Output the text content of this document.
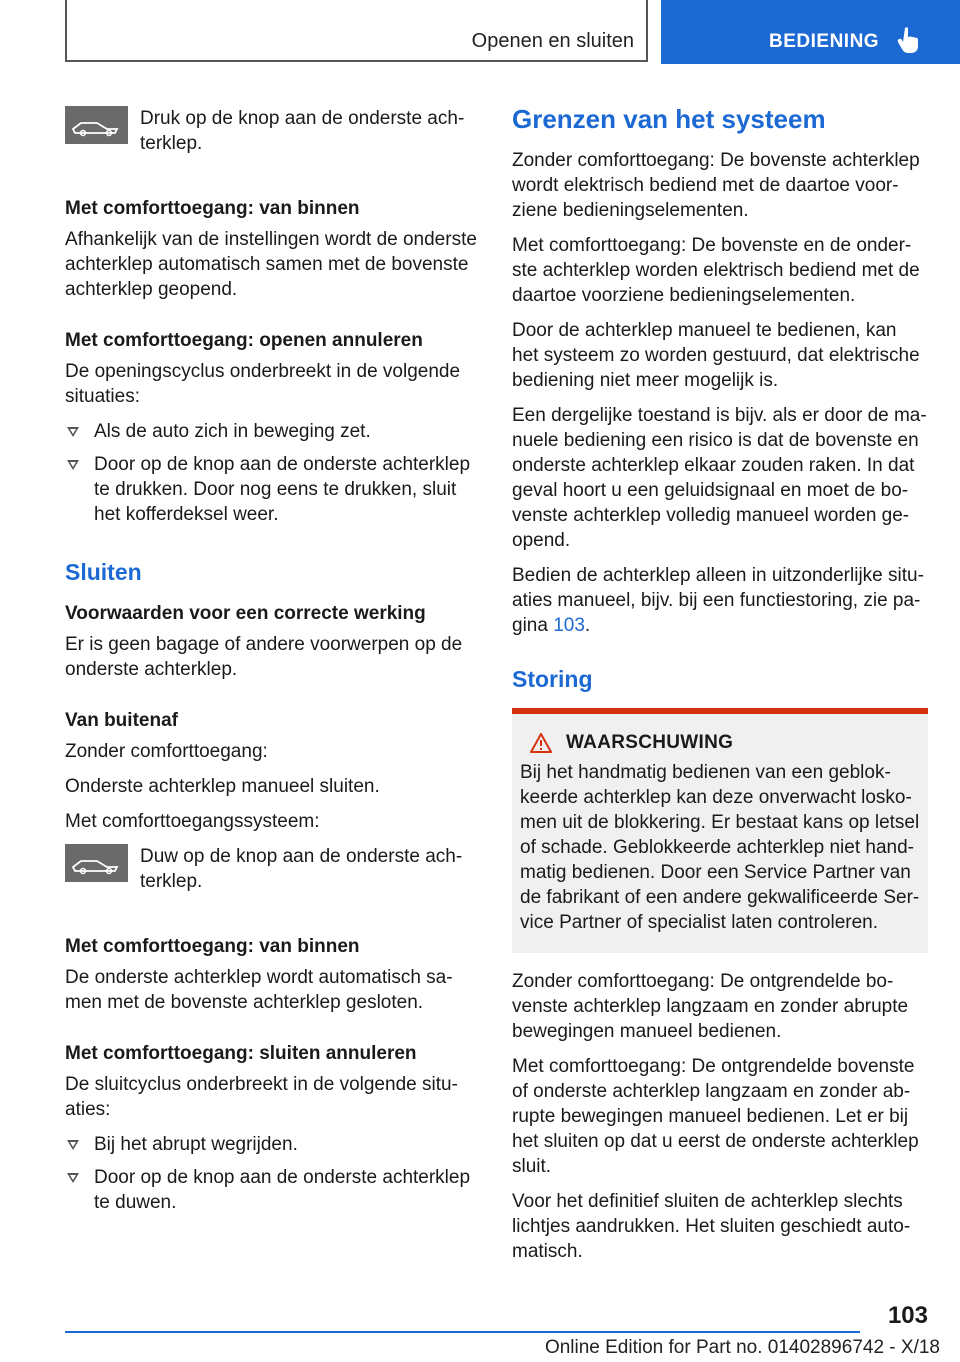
Openen en sluiten	BEDIENING

Druk op de knop aan de onderste ach-
terklep.

Met comforttoegang: van binnen

Afhankelijk van de instellingen wordt de onderste achterklep automatisch samen met de bovenste achterklep geopend.

Met comforttoegang: openen annuleren

De openingscyclus onderbreekt in de volgende situaties:

Als de auto zich in beweging zet.
Door op de knop aan de onderste achterklep te drukken. Door nog eens te drukken, sluit het kofferdeksel weer.
Sluiten

Voorwaarden voor een correcte werking

Er is geen bagage of andere voorwerpen op de onderste achterklep.

Van buitenaf

Zonder comforttoegang:

Onderste achterklep manueel sluiten.

Met comforttoegangssysteem:

Duw op de knop aan de onderste ach-
terklep.

Met comforttoegang: van binnen

De onderste achterklep wordt automatisch sa-
men met de bovenste achterklep gesloten.

Met comforttoegang: sluiten annuleren

De sluitcyclus onderbreekt in de volgende situ-
aties:

Bij het abrupt wegrijden.
Door op de knop aan de onderste achterklep te duwen.
Grenzen van het systeem

Zonder comforttoegang: De bovenste achterklep wordt elektrisch bediend met de daartoe voor-
ziene bedieningselementen.

Met comforttoegang: De bovenste en de onder-
ste achterklep worden elektrisch bediend met de daartoe voorziene bedieningselementen.

Door de achterklep manueel te bedienen, kan het systeem zo worden gestuurd, dat elektrische bediening niet meer mogelijk is.

Een dergelijke toestand is bijv. als er door de ma-
nuele bediening een risico is dat de bovenste en onderste achterklep elkaar zouden raken. In dat geval hoort u een geluidsignaal en moet de bo-
venste achterklep volledig manueel worden ge-
opend.

Bedien de achterklep alleen in uitzonderlijke situ-
aties manueel, bijv. bij een functiestoring, zie pa-
gina 103.

Storing
WAARSCHUWING

Bij het handmatig bedienen van een geblok-
keerde achterklep kan deze onverwacht losko-
men uit de blokkering. Er bestaat kans op letsel of schade. Geblokkeerde achterklep niet hand-
matig bedienen. Door een Service Partner van de fabrikant of een andere gekwalificeerde Ser-
vice Partner of specialist laten controleren.

Zonder comforttoegang: De ontgrendelde bo-
venste achterklep langzaam en zonder abrupte bewegingen manueel bedienen.

Met comforttoegang: De ontgrendelde bovenste of onderste achterklep langzaam en zonder ab-
rupte bewegingen manueel bedienen. Let er bij het sluiten op dat u eerst de onderste achterklep sluit.

Voor het definitief sluiten de achterklep slechts lichtjes aandrukken. Het sluiten geschiedt auto-
matisch.

103
Online Edition for Part no. 01402896742 - X/18
